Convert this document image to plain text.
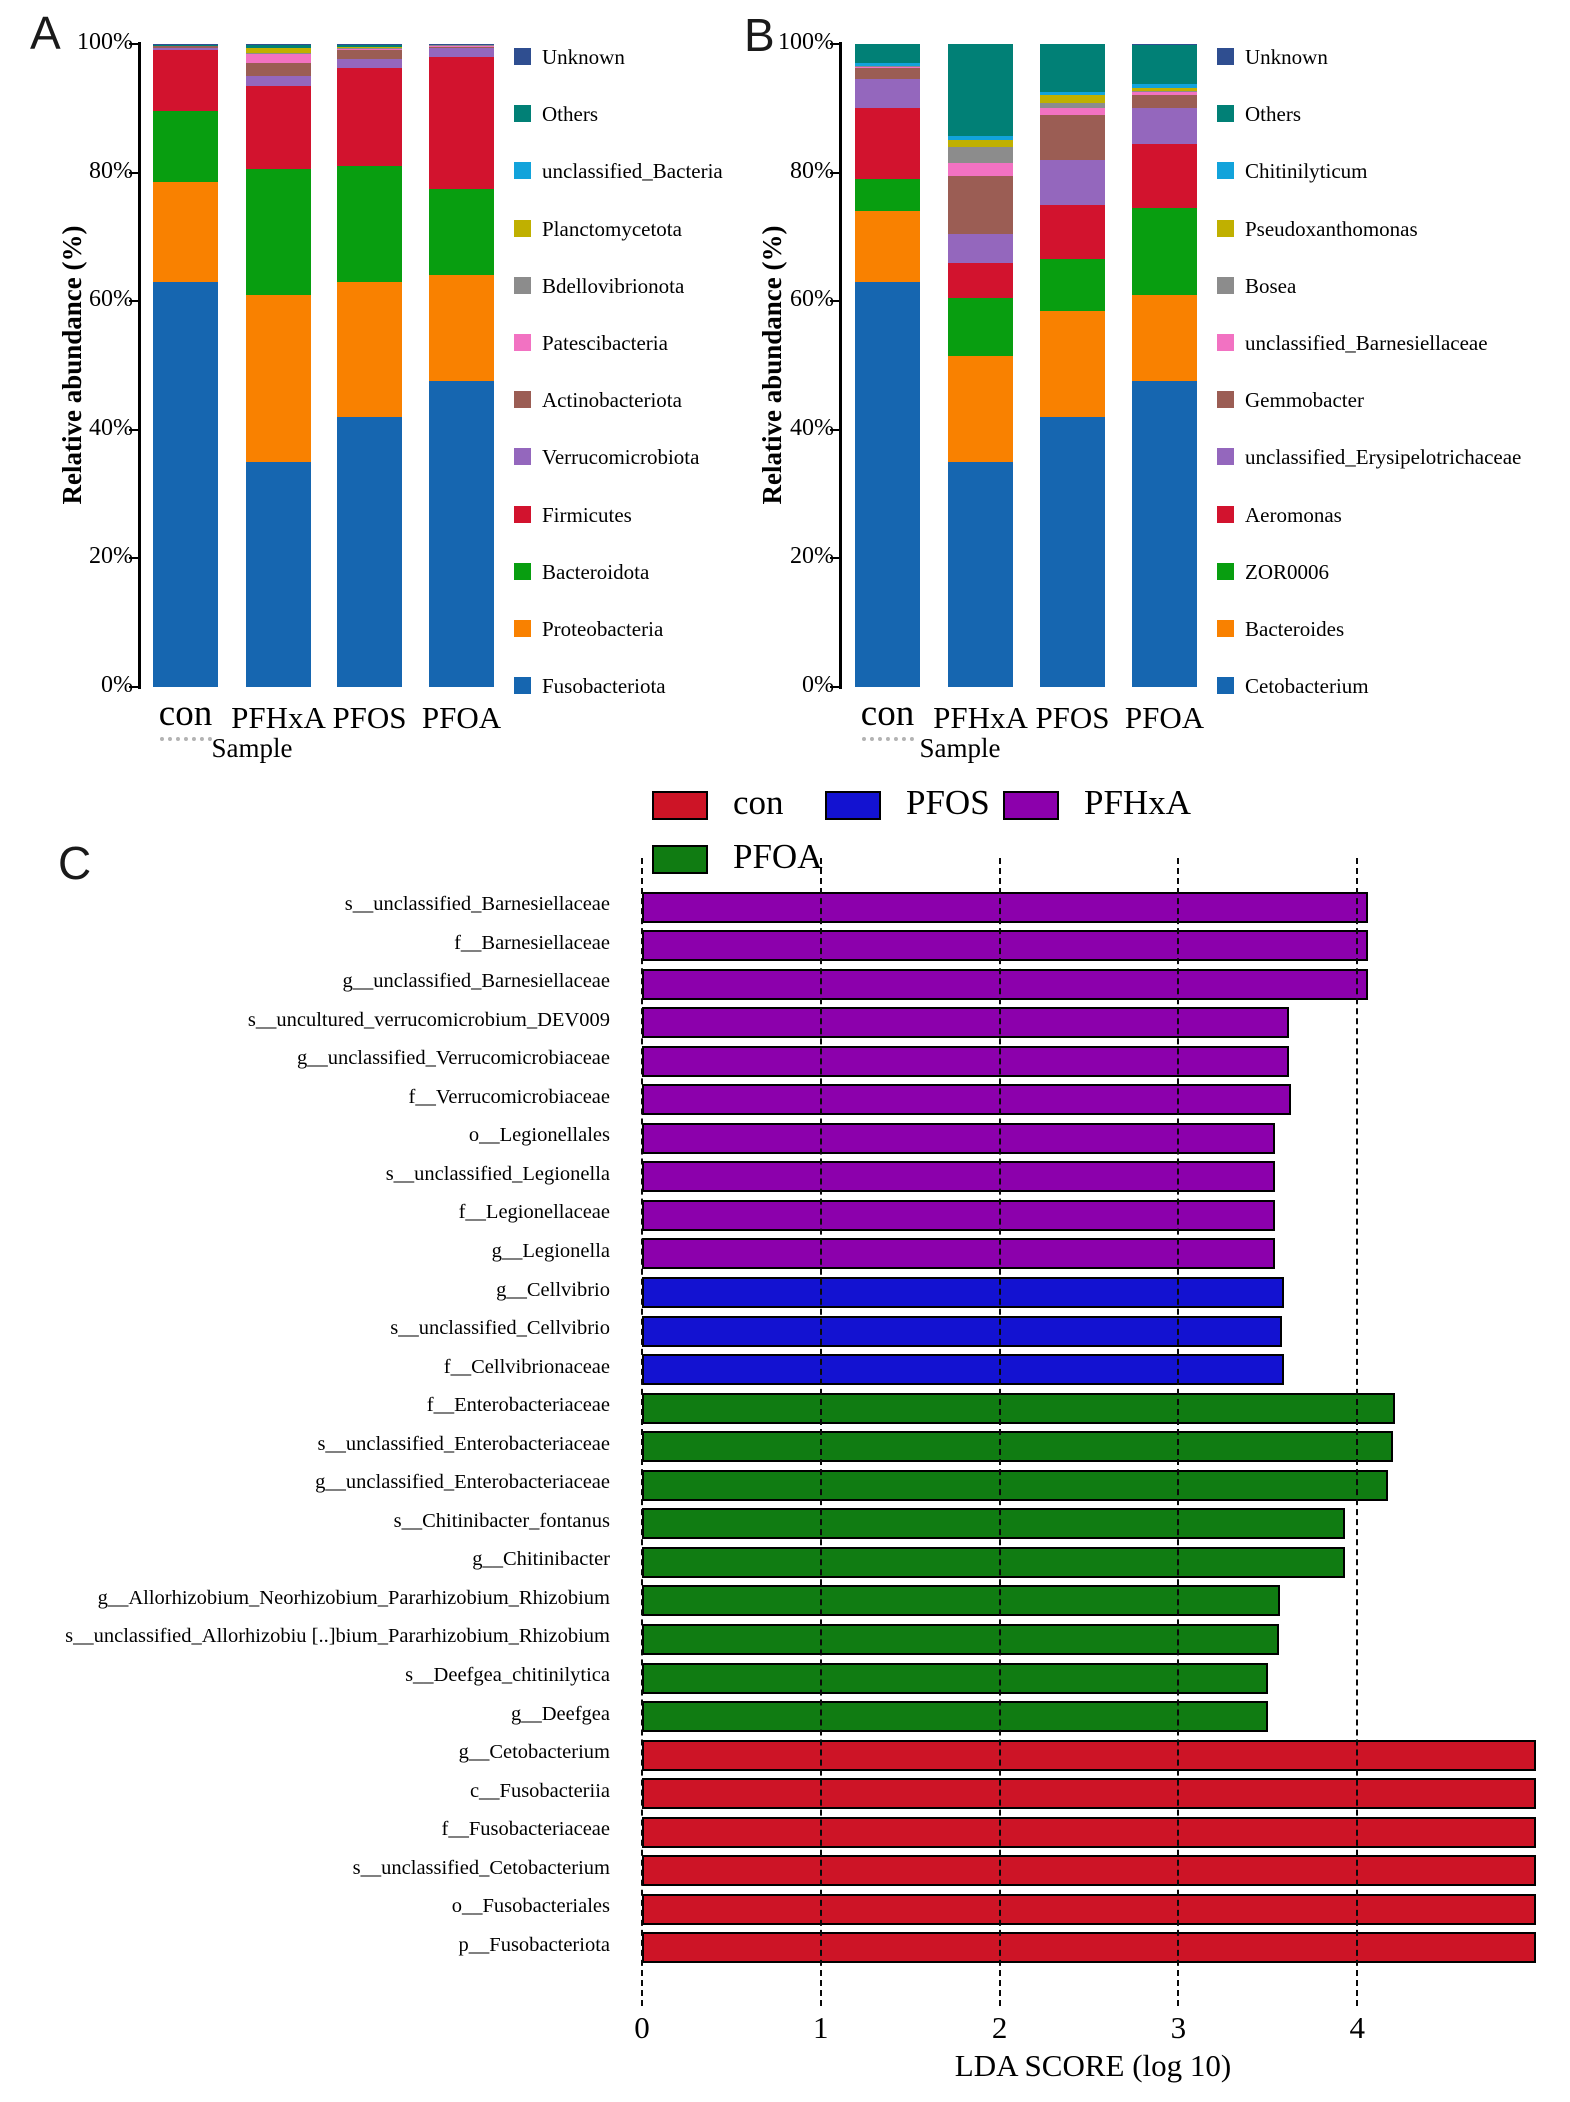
A	B
C
Relative abundance (%)	Relative abundance (%)
Sample	Sample
LDA SCORE (log 10)
100%
80%
60%
40%
20%
0%
con PFHxA PFOS PFOA
Unknown
Others
unclassified_Bacteria
Planctomycetota
Bdellovibrionota
Patescibacteria
Actinobacteriota
Verrucomicrobiota
Firmicutes
Bacteroidota
Proteobacteria
Fusobacteriota
100%
80%
60%
40%
20%
0%
con PFHxA PFOS PFOA
Unknown
Others
Chitinilyticum
Pseudoxanthomonas
Bosea
unclassified_Barnesiellaceae
Gemmobacter
unclassified_Erysipelotrichaceae
Aeromonas
ZOR0006
Bacteroides
Cetobacterium
con	PFOS	PFHxA
PFOA
s__unclassified_Barnesiellaceae
f__Barnesiellaceae
g__unclassified_Barnesiellaceae
s__uncultured_verrucomicrobium_DEV009
g__unclassified_Verrucomicrobiaceae
f__Verrucomicrobiaceae
o__Legionellales
s__unclassified_Legionella
f__Legionellaceae
g__Legionella
g__Cellvibrio
s__unclassified_Cellvibrio
f__Cellvibrionaceae
f__Enterobacteriaceae
s__unclassified_Enterobacteriaceae
g__unclassified_Enterobacteriaceae
s__Chitinibacter_fontanus
g__Chitinibacter
g__Allorhizobium_Neorhizobium_Pararhizobium_Rhizobium
s__unclassified_Allorhizobiu [..]bium_Pararhizobium_Rhizobium
s__Deefgea_chitinilytica
g__Deefgea
g__Cetobacterium
c__Fusobacteriia
f__Fusobacteriaceae
s__unclassified_Cetobacterium
o__Fusobacteriales
p__Fusobacteriota
0	1	2	3	4
